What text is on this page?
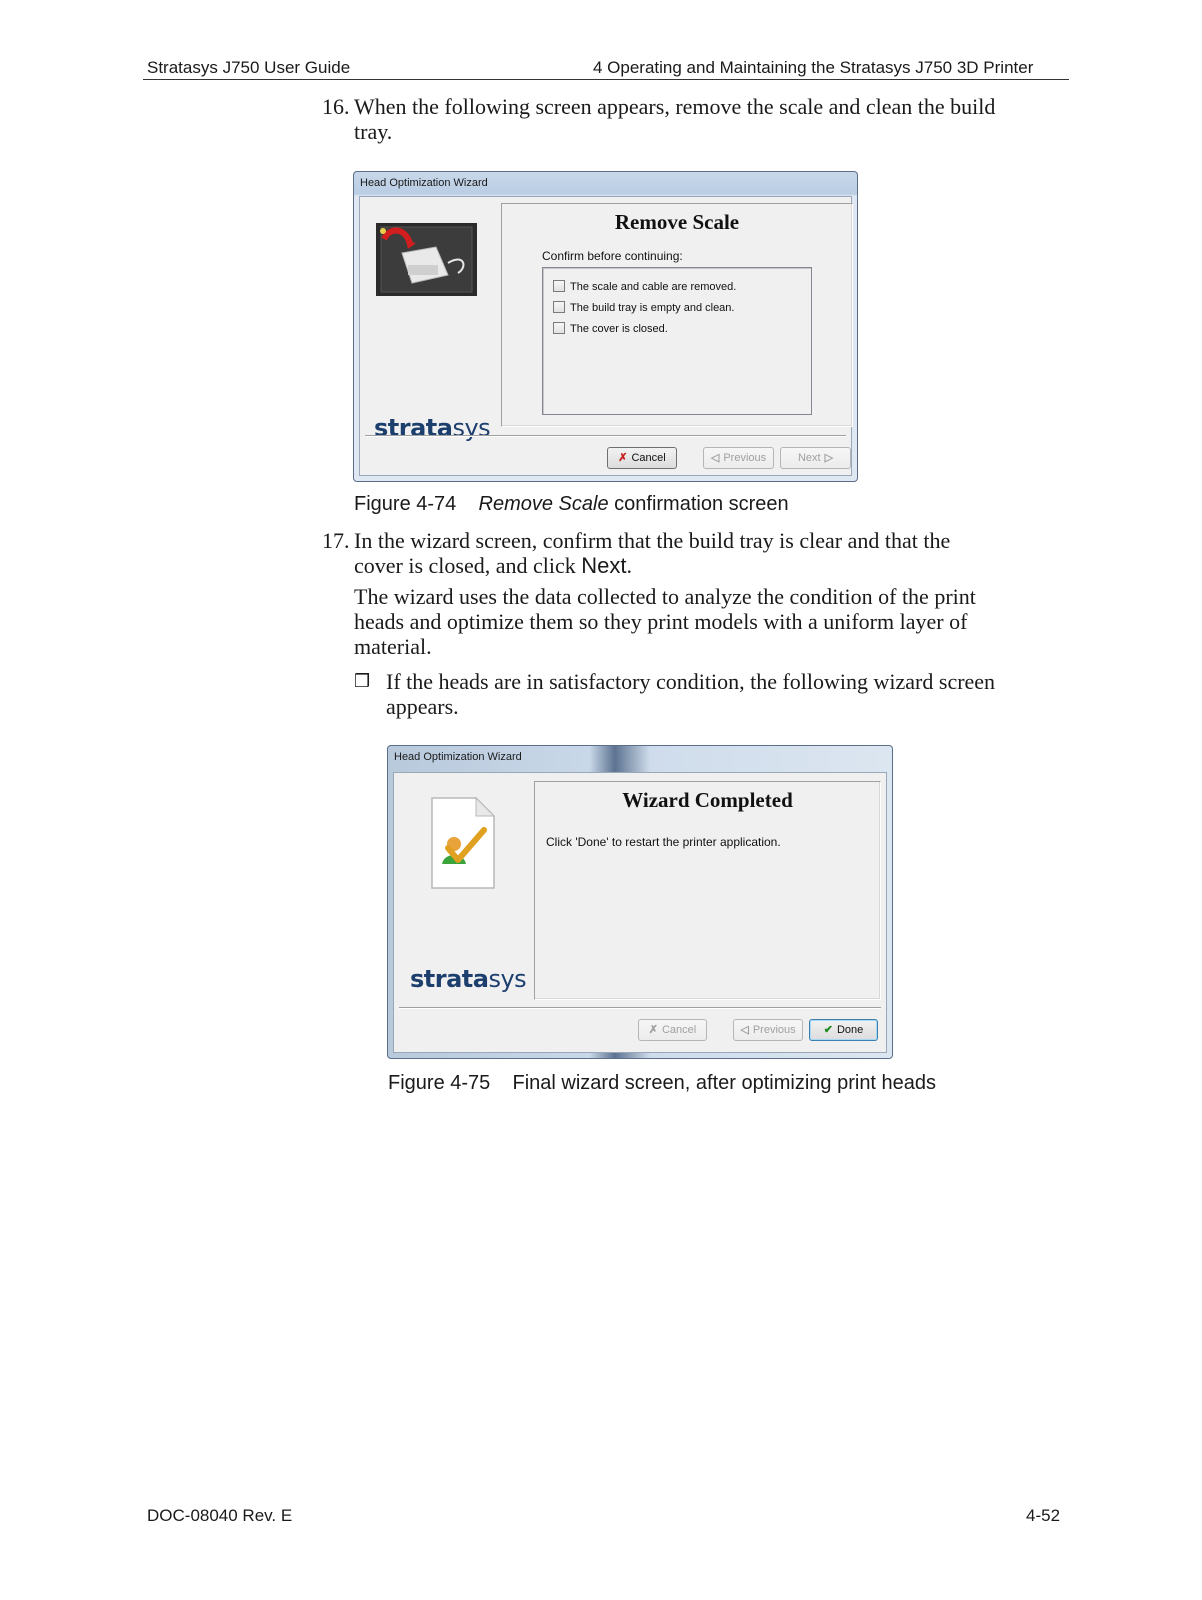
Stratasys J750 User Guide	4 Operating and Maintaining the Stratasys J750 3D Printer
16. When the following screen appears, remove the scale and clean the build
tray.
Head Optimization Wizard
stratasys
Remove Scale
Confirm before continuing:
The scale and cable are removed.
The build tray is empty and clean.
The cover is closed.
✗ Cancel	◁ Previous	Next ▷
Figure 4-74 Remove Scale confirmation screen
17. In the wizard screen, confirm that the build tray is clear and that the
cover is closed, and click Next.
The wizard uses the data collected to analyze the condition of the print
heads and optimize them so they print models with a uniform layer of
material.
❒ If the heads are in satisfactory condition, the following wizard screen
appears.
Head Optimization Wizard
stratasys
Wizard Completed
Click 'Done' to restart the printer application.
✗ Cancel	◁ Previous	✔ Done
Figure 4-75 Final wizard screen, after optimizing print heads
DOC-08040 Rev. E	4-52
